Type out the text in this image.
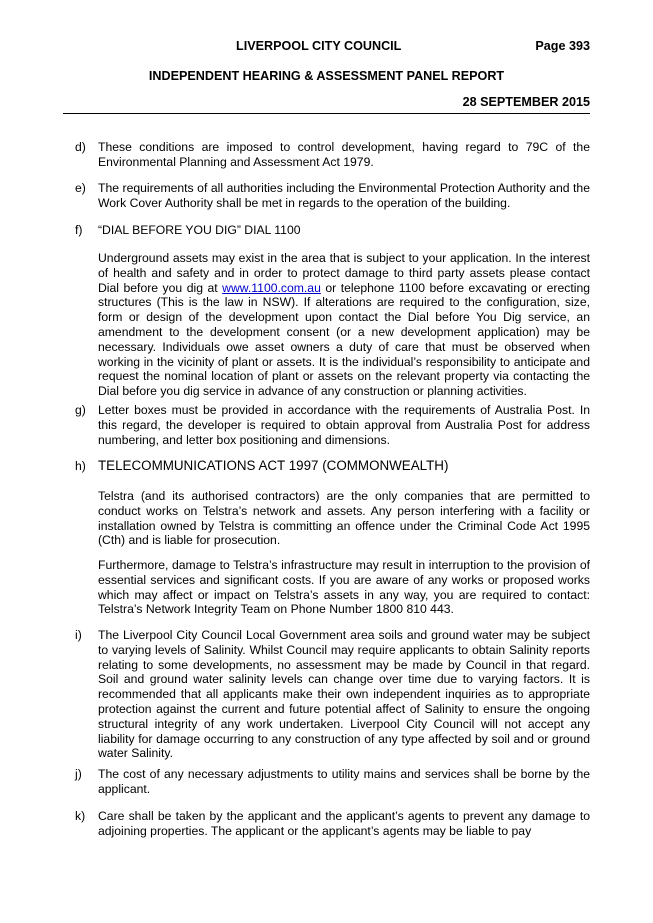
LIVERPOOL CITY COUNCIL	Page 393
INDEPENDENT HEARING & ASSESSMENT PANEL REPORT
28 SEPTEMBER 2015
d) These conditions are imposed to control development, having regard to 79C of the Environmental Planning and Assessment Act 1979.
e) The requirements of all authorities including the Environmental Protection Authority and the Work Cover Authority shall be met in regards to the operation of the building.
f) “DIAL BEFORE YOU DIG” DIAL 1100
Underground assets may exist in the area that is subject to your application. In the interest of health and safety and in order to protect damage to third party assets please contact Dial before you dig at www.1100.com.au or telephone 1100 before excavating or erecting structures (This is the law in NSW). If alterations are required to the configuration, size, form or design of the development upon contact the Dial before You Dig service, an amendment to the development consent (or a new development application) may be necessary. Individuals owe asset owners a duty of care that must be observed when working in the vicinity of plant or assets. It is the individual’s responsibility to anticipate and request the nominal location of plant or assets on the relevant property via contacting the Dial before you dig service in advance of any construction or planning activities.
g) Letter boxes must be provided in accordance with the requirements of Australia Post. In this regard, the developer is required to obtain approval from Australia Post for address numbering, and letter box positioning and dimensions.
h) TELECOMMUNICATIONS ACT 1997 (COMMONWEALTH)
Telstra (and its authorised contractors) are the only companies that are permitted to conduct works on Telstra’s network and assets. Any person interfering with a facility or installation owned by Telstra is committing an offence under the Criminal Code Act 1995 (Cth) and is liable for prosecution.
Furthermore, damage to Telstra’s infrastructure may result in interruption to the provision of essential services and significant costs. If you are aware of any works or proposed works which may affect or impact on Telstra’s assets in any way, you are required to contact: Telstra’s Network Integrity Team on Phone Number 1800 810 443.
i) The Liverpool City Council Local Government area soils and ground water may be subject to varying levels of Salinity. Whilst Council may require applicants to obtain Salinity reports relating to some developments, no assessment may be made by Council in that regard. Soil and ground water salinity levels can change over time due to varying factors. It is recommended that all applicants make their own independent inquiries as to appropriate protection against the current and future potential affect of Salinity to ensure the ongoing structural integrity of any work undertaken. Liverpool City Council will not accept any liability for damage occurring to any construction of any type affected by soil and or ground water Salinity.
j) The cost of any necessary adjustments to utility mains and services shall be borne by the applicant.
k) Care shall be taken by the applicant and the applicant’s agents to prevent any damage to adjoining properties. The applicant or the applicant’s agents may be liable to pay
